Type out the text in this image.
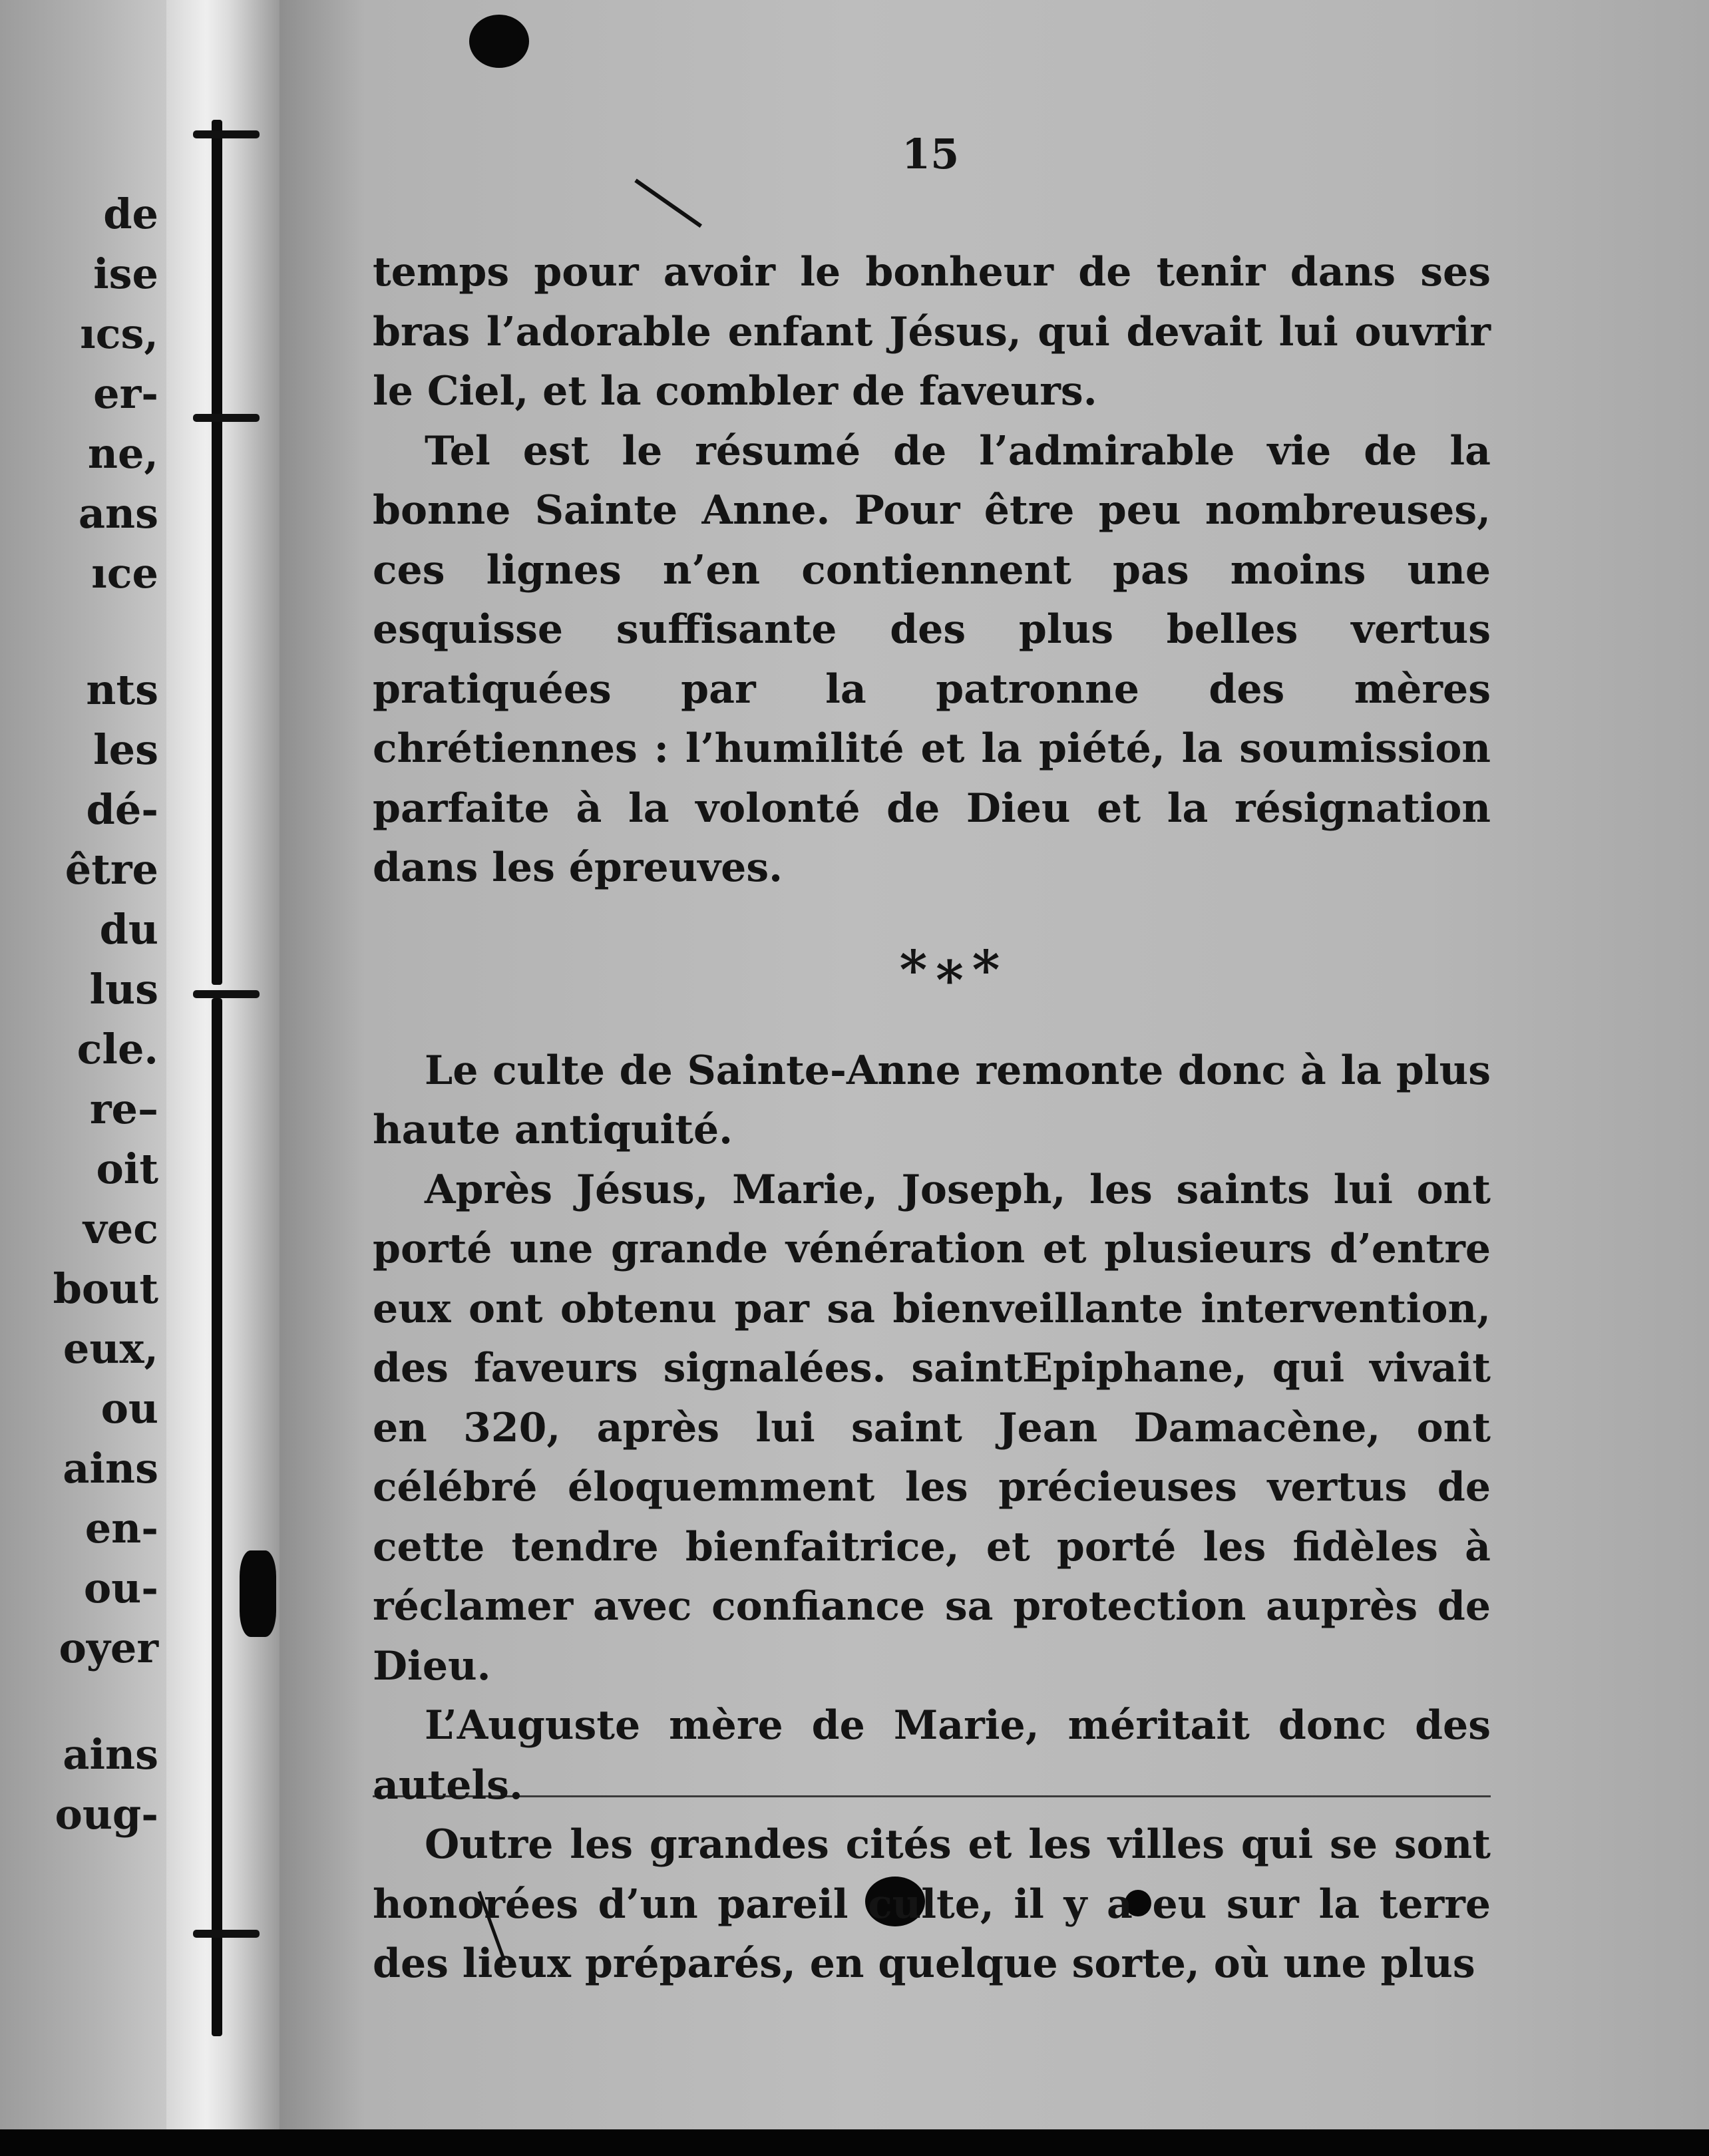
de
ise
ıcs,
er-
ne,
ans
ıce
nts
les
dé-
être
du
lus
cle.
re–
oit
vec
bout
eux,
ou
ains
en-
ou-
oyer
ains
oug-
15

temps pour avoir le bonheur de tenir dans ses bras l’adorable enfant Jésus, qui devait lui ouvrir le Ciel, et la combler de faveurs.

Tel est le résumé de l’admirable vie de la bonne Sainte Anne. Pour être peu nombreuses, ces lignes n’en contiennent pas moins une esquisse suffisante des plus belles vertus pratiquées par la patronne des mères chrétiennes : l’humilité et la piété, la soumission parfaite à la volonté de Dieu et la résignation dans les épreuves.

*∗*

Le culte de Sainte-Anne remonte donc à la plus haute antiquité.

Après Jésus, Marie, Joseph, les saints lui ont porté une grande vénération et plusieurs d’entre eux ont obtenu par sa bienveillante intervention, des faveurs signalées. saintEpiphane, qui vivait en 320, après lui saint Jean Damacène, ont célébré éloquemment les précieuses vertus de cette tendre bienfaitrice, et porté les fidèles à réclamer avec confiance sa protection auprès de Dieu.

L’Auguste mère de Marie, méritait donc des autels.

Outre les grandes cités et les villes qui se sont honorées d’un pareil culte, il y a eu sur la terre des lieux préparés, en quelque sorte, où une plus
